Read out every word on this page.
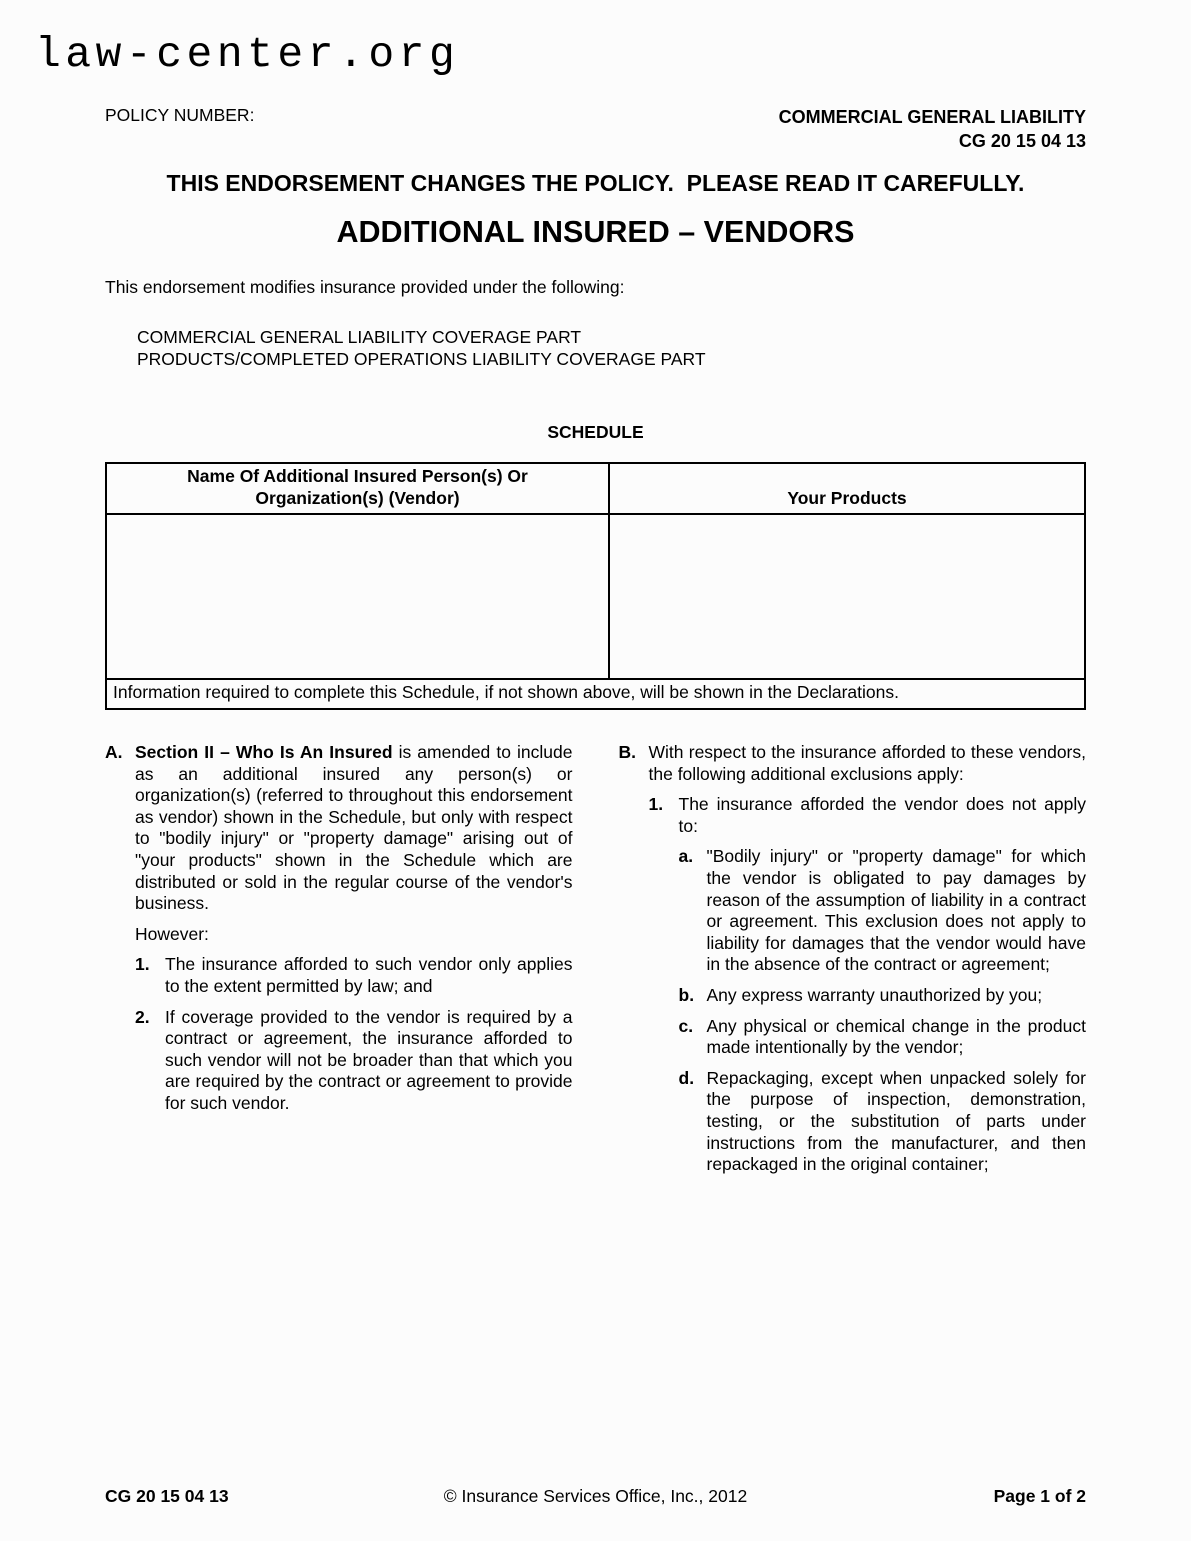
law-center.org
POLICY NUMBER:	COMMERCIAL GENERAL LIABILITY
CG 20 15 04 13
THIS ENDORSEMENT CHANGES THE POLICY.  PLEASE READ IT CAREFULLY.
ADDITIONAL INSURED – VENDORS
This endorsement modifies insurance provided under the following:
COMMERCIAL GENERAL LIABILITY COVERAGE PART
PRODUCTS/COMPLETED OPERATIONS LIABILITY COVERAGE PART
SCHEDULE
Name Of Additional Insured Person(s) Or
Organization(s) (Vendor)	Your Products

Information required to complete this Schedule, if not shown above, will be shown in the Declarations.	
A. Section II – Who Is An Insured is amended to include as an additional insured any person(s) or organization(s) (referred to throughout this endorsement as vendor) shown in the Schedule, but only with respect to "bodily injury" or "property damage" arising out of "your products" shown in the Schedule which are distributed or sold in the regular course of the vendor's business.
However:
1. The insurance afforded to such vendor only applies to the extent permitted by law; and
2. If coverage provided to the vendor is required by a contract or agreement, the insurance afforded to such vendor will not be broader than that which you are required by the contract or agreement to provide for such vendor.
B. With respect to the insurance afforded to these vendors, the following additional exclusions apply:
1. The insurance afforded the vendor does not apply to:
a. "Bodily injury" or "property damage" for which the vendor is obligated to pay damages by reason of the assumption of liability in a contract or agreement. This exclusion does not apply to liability for damages that the vendor would have in the absence of the contract or agreement;
b. Any express warranty unauthorized by you;
c. Any physical or chemical change in the product made intentionally by the vendor;
d. Repackaging, except when unpacked solely for the purpose of inspection, demonstration, testing, or the substitution of parts under instructions from the manufacturer, and then repackaged in the original container;
CG 20 15 04 13	© Insurance Services Office, Inc., 2012	Page 1 of 2
